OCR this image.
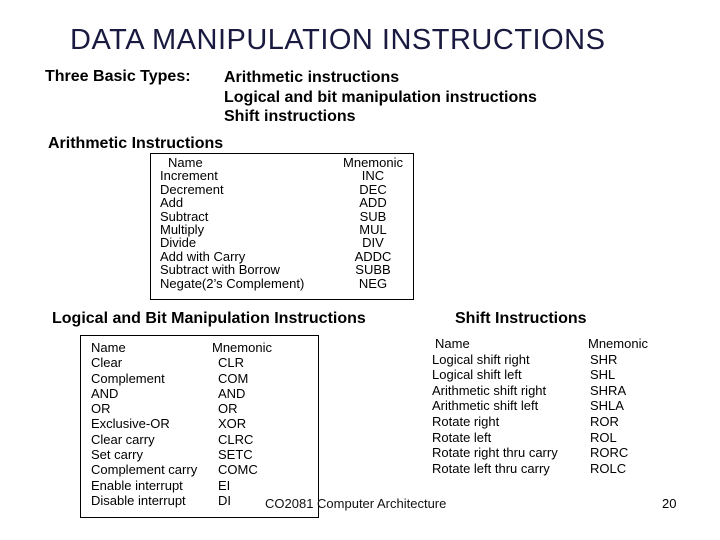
DATA MANIPULATION INSTRUCTIONS
Three Basic Types: Arithmetic instructions
Logical and bit manipulation instructions
Shift instructions
Arithmetic Instructions
Name
Increment
Decrement
Add
Subtract
Multiply
Divide
Add with Carry
Subtract with Borrow
Negate(2’s Complement)
Mnemonic
INC
DEC
ADD
SUB
MUL
DIV
ADDC
SUBB
NEG
Logical and Bit Manipulation Instructions	Shift Instructions
Name
Clear
Complement
AND
OR
Exclusive-OR
Clear carry
Set carry
Complement carry
Enable interrupt
Disable interrupt
Mnemonic
CLR
COM
AND
OR
XOR
CLRC
SETC
COMC
EI
DI
Name
Logical shift right
Logical shift left
Arithmetic shift right
Arithmetic shift left
Rotate right
Rotate left
Rotate right thru carry
Rotate left thru carry
Mnemonic
SHR
SHL
SHRA
SHLA
ROR
ROL
RORC
ROLC
CO2081 Computer Architecture	20
